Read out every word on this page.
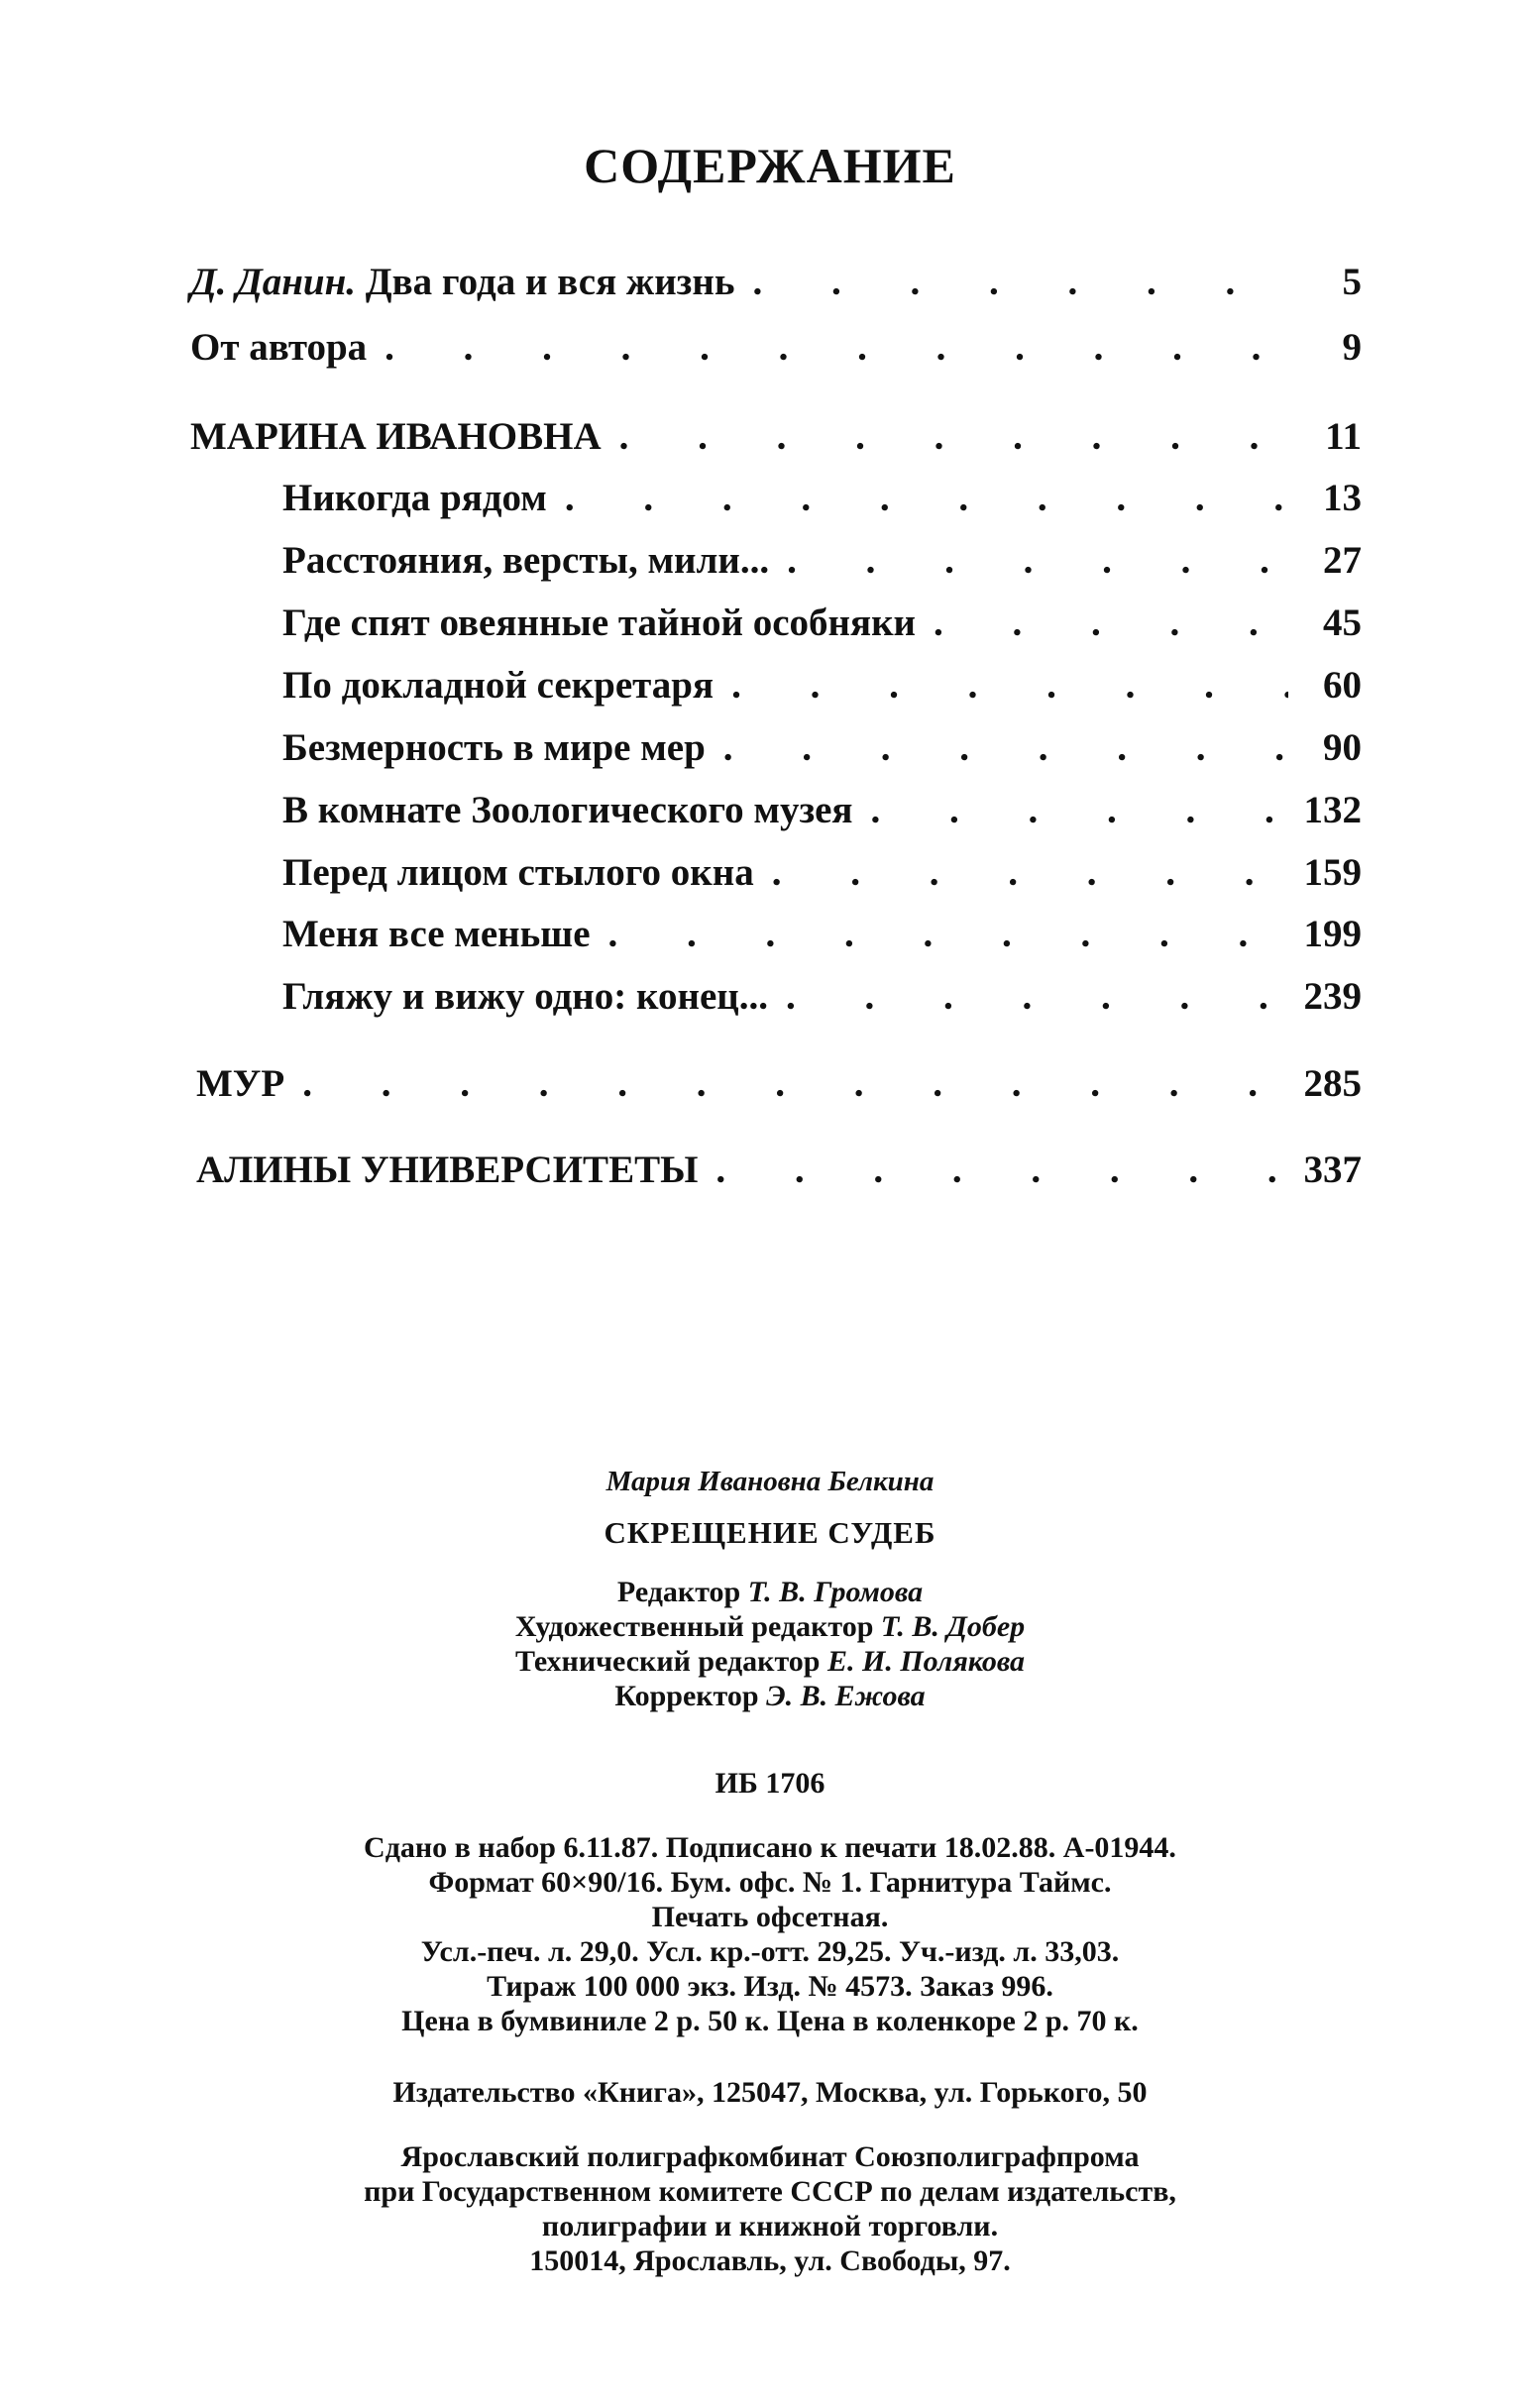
СОДЕРЖАНИЕ
Д. Данин. Два года и вся жизнь . . .	5
От автора . . .	9
МАРИНА ИВАНОВНА . . .	11
Никогда рядом . . .	13
Расстояния, версты, мили... . . .	27
Где спят овеянные тайной особняки . . .	45
По докладной секретаря . . .	60
Безмерность в мире мер . . .	90
В комнате Зоологического музея . . .	132
Перед лицом стылого окна . . .	159
Меня все меньше . . .	199
Гляжу и вижу одно: конец... . . .	239
МУР . . .	285
АЛИНЫ УНИВЕРСИТЕТЫ . . .	337
Мария Ивановна Белкина
СКРЕЩЕНИЕ СУДЕБ
Редактор Т. В. Громова
Художественный редактор Т. В. Добер
Технический редактор Е. И. Полякова
Корректор Э. В. Ежова
ИБ 1706
Сдано в набор 6.11.87. Подписано к печати 18.02.88. А-01944.
Формат 60×90/16. Бум. офс. № 1. Гарнитура Таймс.
Печать офсетная.
Усл.-печ. л. 29,0. Усл. кр.-отт. 29,25. Уч.-изд. л. 33,03.
Тираж 100 000 экз. Изд. № 4573. Заказ 996.
Цена в бумвиниле 2 р. 50 к. Цена в коленкоре 2 р. 70 к.
Издательство «Книга», 125047, Москва, ул. Горького, 50
Ярославский полиграфкомбинат Союзполиграфпрома
при Государственном комитете СССР по делам издательств,
полиграфии и книжной торговли.
150014, Ярославль, ул. Свободы, 97.
